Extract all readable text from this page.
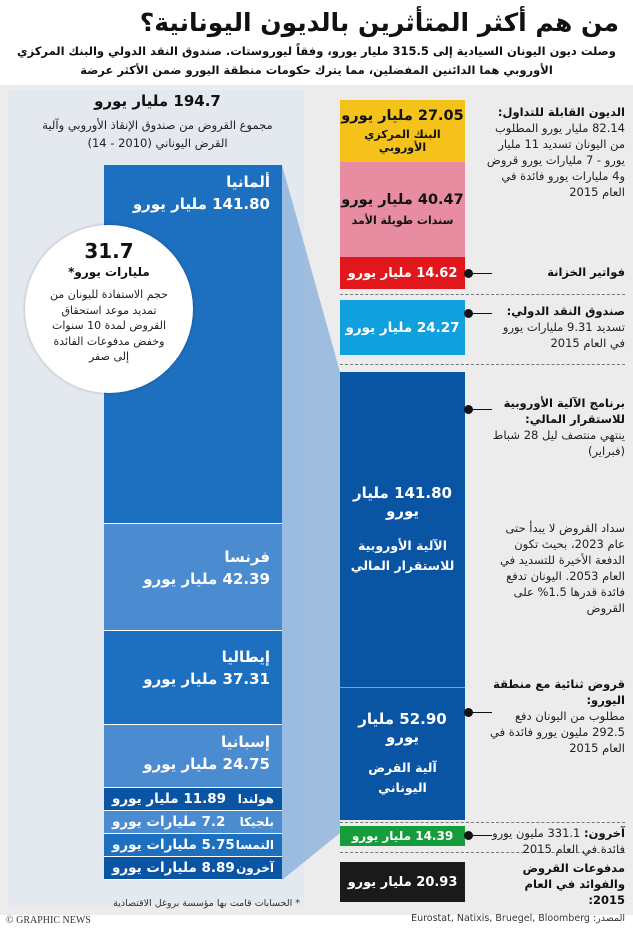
من هم أكثر المتأثرين بالديون اليونانية؟
وصلت ديون اليونان السيادية إلى 315.5 مليار يورو، وفقاً ليوروستات. صندوق النقد الدولي والبنك المركزي الأوروبي هما الدائنين المفضلين، مما يترك حكومات منطقة اليورو ضمن الأكثر عرضة
194.7 مليار يورو
مجموع القروض من صندوق الإنقاذ الأوروبي وآلية القرض اليوناني (2010 - 14)
ألمانيا
141.80 مليار يورو
فرنسا
42.39 مليار يورو
إيطاليا
37.31 مليار يورو
إسبانيا
24.75 مليار يورو
هولندا
11.89 مليار يورو
بلجيكا
7.2 مليارات يورو
النمسا
5.75 مليارات يورو
آخرون
8.89 مليارات يورو
31.7
مليارات يورو*
حجم الاستفادة لليونان من تمديد موعد استحقاق القروض لمدة 10 سنوات وخفض مدفوعات الفائدة إلى صفر
27.05 مليار يورو
البنك المركزي الأوروبي
40.47 مليار يورو
سندات طويلة الأمد
14.62 مليار يورو
24.27 مليار يورو
141.80 مليار يورو
الآلية الأوروبية للاستقرار المالي
52.90 مليار يورو
آلية القرض اليوناني
14.39 مليار يورو
20.93 مليار يورو
الديون القابلة للتداول:
82.14 مليار يورو المطلوب من اليونان تسديد 11 مليار يورو - 7 مليارات يورو قروض و4 مليارات يورو فائدة في العام 2015
فواتير الخزانة
صندوق النقد الدولي:
تسديد 9.31 مليارات يورو في العام 2015
برنامج الآلية الأوروبية للاستقرار المالي:
ينتهي منتصف ليل 28 شباط (فبراير)
سداد القروض لا يبدأ حتى عام 2023، بحيث تكون الدفعة الأخيرة للتسديد في العام 2053. اليونان تدفع فائدة قدرها 1.5% على القروض
قروض ثنائية مع منطقة اليورو:
مطلوب من اليونان دفع 292.5 مليون يورو فائدة في العام 2015
آخرون: 331.1 مليون يورو فائدة في العام 2015
مدفوعات القروض والفوائد في العام 2015:
* الحسابات قامت بها مؤسسة بروغل الاقتصادية
© GRAPHIC NEWS	المصدر: Eurostat, Natixis, Bruegel, Bloomberg
